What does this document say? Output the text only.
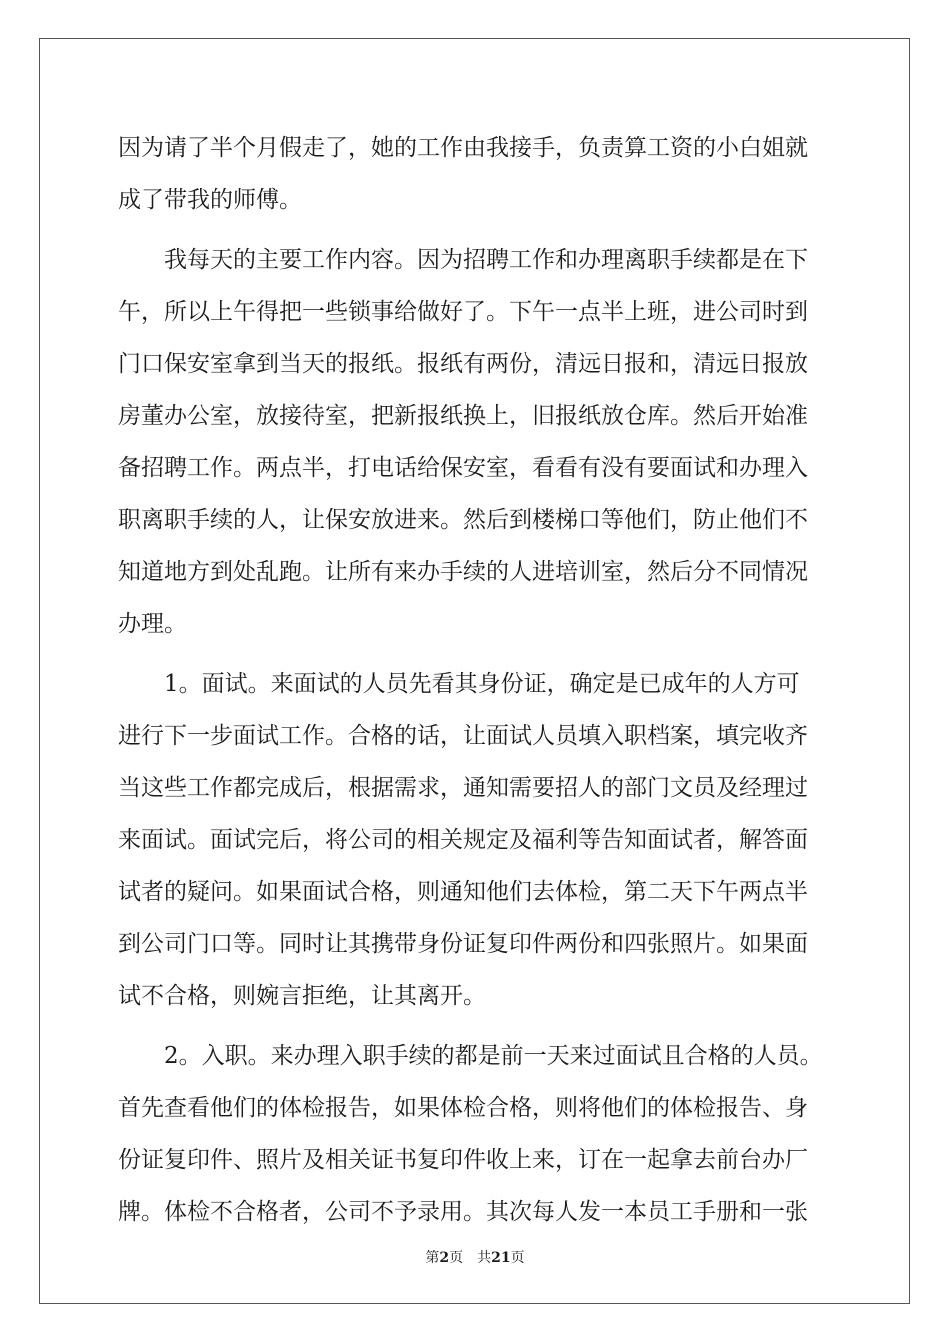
因为请了半个月假走了，她的工作由我接手，负责算工资的小白姐就
成了带我的师傅。
　　我每天的主要工作内容。因为招聘工作和办理离职手续都是在下
午，所以上午得把一些锁事给做好了。下午一点半上班，进公司时到
门口保安室拿到当天的报纸。报纸有两份，清远日报和，清远日报放
房董办公室，放接待室，把新报纸换上，旧报纸放仓库。然后开始准
备招聘工作。两点半，打电话给保安室，看看有没有要面试和办理入
职离职手续的人，让保安放进来。然后到楼梯口等他们，防止他们不
知道地方到处乱跑。让所有来办手续的人进培训室，然后分不同情况
办理。
　　1。面试。来面试的人员先看其身份证，确定是已成年的人方可
进行下一步面试工作。合格的话，让面试人员填入职档案，填完收齐
当这些工作都完成后，根据需求，通知需要招人的部门文员及经理过
来面试。面试完后，将公司的相关规定及福利等告知面试者，解答面
试者的疑问。如果面试合格，则通知他们去体检，第二天下午两点半
到公司门口等。同时让其携带身份证复印件两份和四张照片。如果面
试不合格，则婉言拒绝，让其离开。
　　2。入职。来办理入职手续的都是前一天来过面试且合格的人员。
首先查看他们的体检报告，如果体检合格，则将他们的体检报告、身
份证复印件、照片及相关证书复印件收上来，订在一起拿去前台办厂
牌。体检不合格者，公司不予录用。其次每人发一本员工手册和一张
第2页　共21页
